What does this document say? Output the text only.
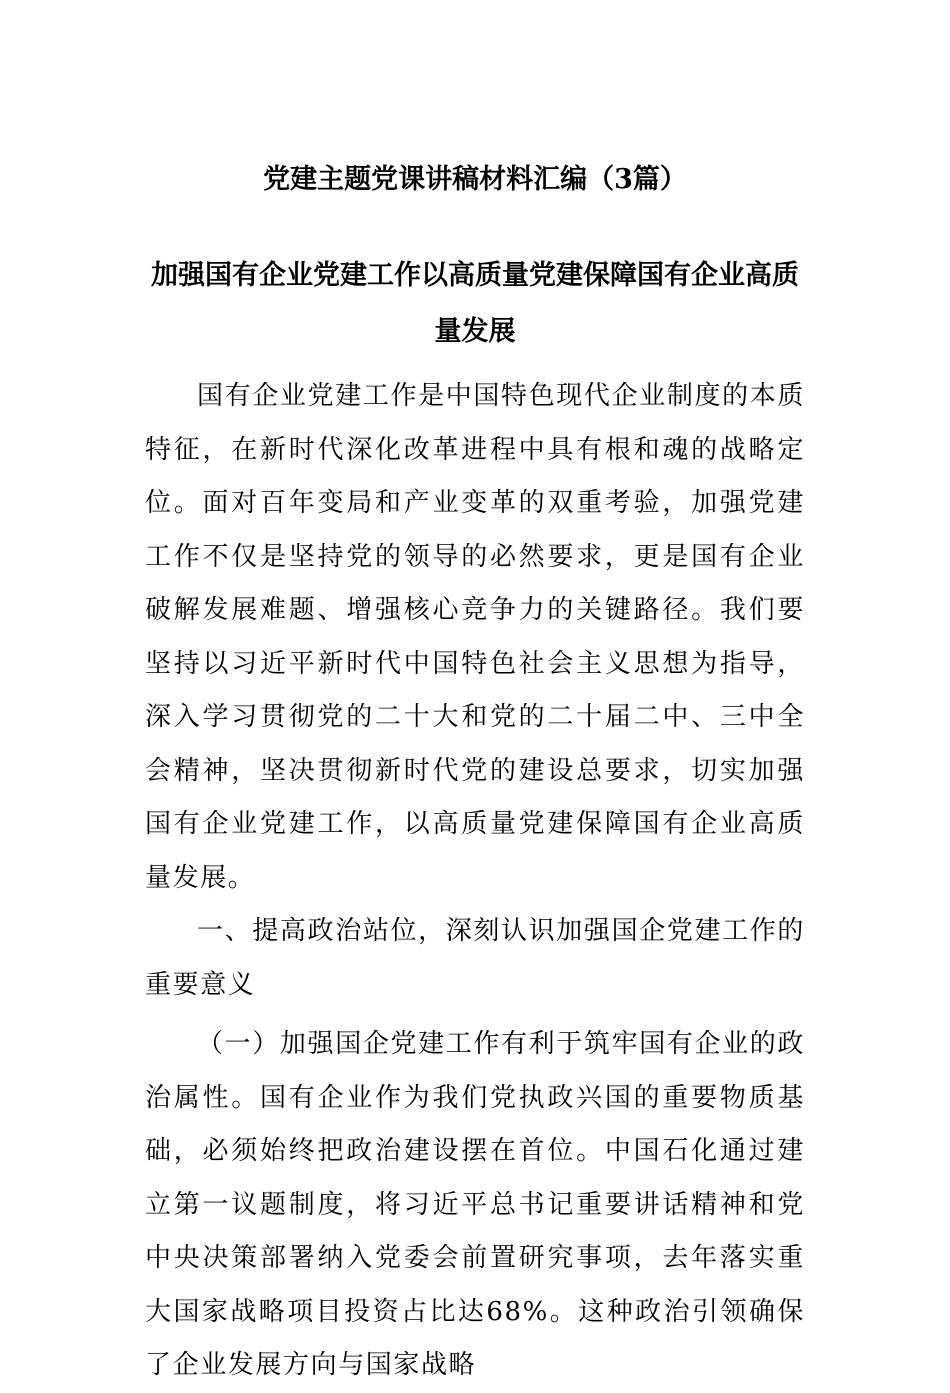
党建主题党课讲稿材料汇编（3篇）
加强国有企业党建工作以高质量党建保障国有企业高质量发展

国有企业党建工作是中国特色现代企业制度的本质特征，在新时代深化改革进程中具有根和魂的战略定位。面对百年变局和产业变革的双重考验，加强党建工作不仅是坚持党的领导的必然要求，更是国有企业破解发展难题、增强核心竞争力的关键路径。我们要坚持以习近平新时代中国特色社会主义思想为指导，深入学习贯彻党的二十大和党的二十届二中、三中全会精神，坚决贯彻新时代党的建设总要求，切实加强国有企业党建工作，以高质量党建保障国有企业高质量发展。

一、提高政治站位，深刻认识加强国企党建工作的重要意义

（一）加强国企党建工作有利于筑牢国有企业的政治属性。国有企业作为我们党执政兴国的重要物质基础，必须始终把政治建设摆在首位。中国石化通过建立第一议题制度，将习近平总书记重要讲话精神和党中央决策部署纳入党委会前置研究事项，去年落实重大国家战略项目投资占比达68%。这种政治引领确保了企业发展方向与国家战略
